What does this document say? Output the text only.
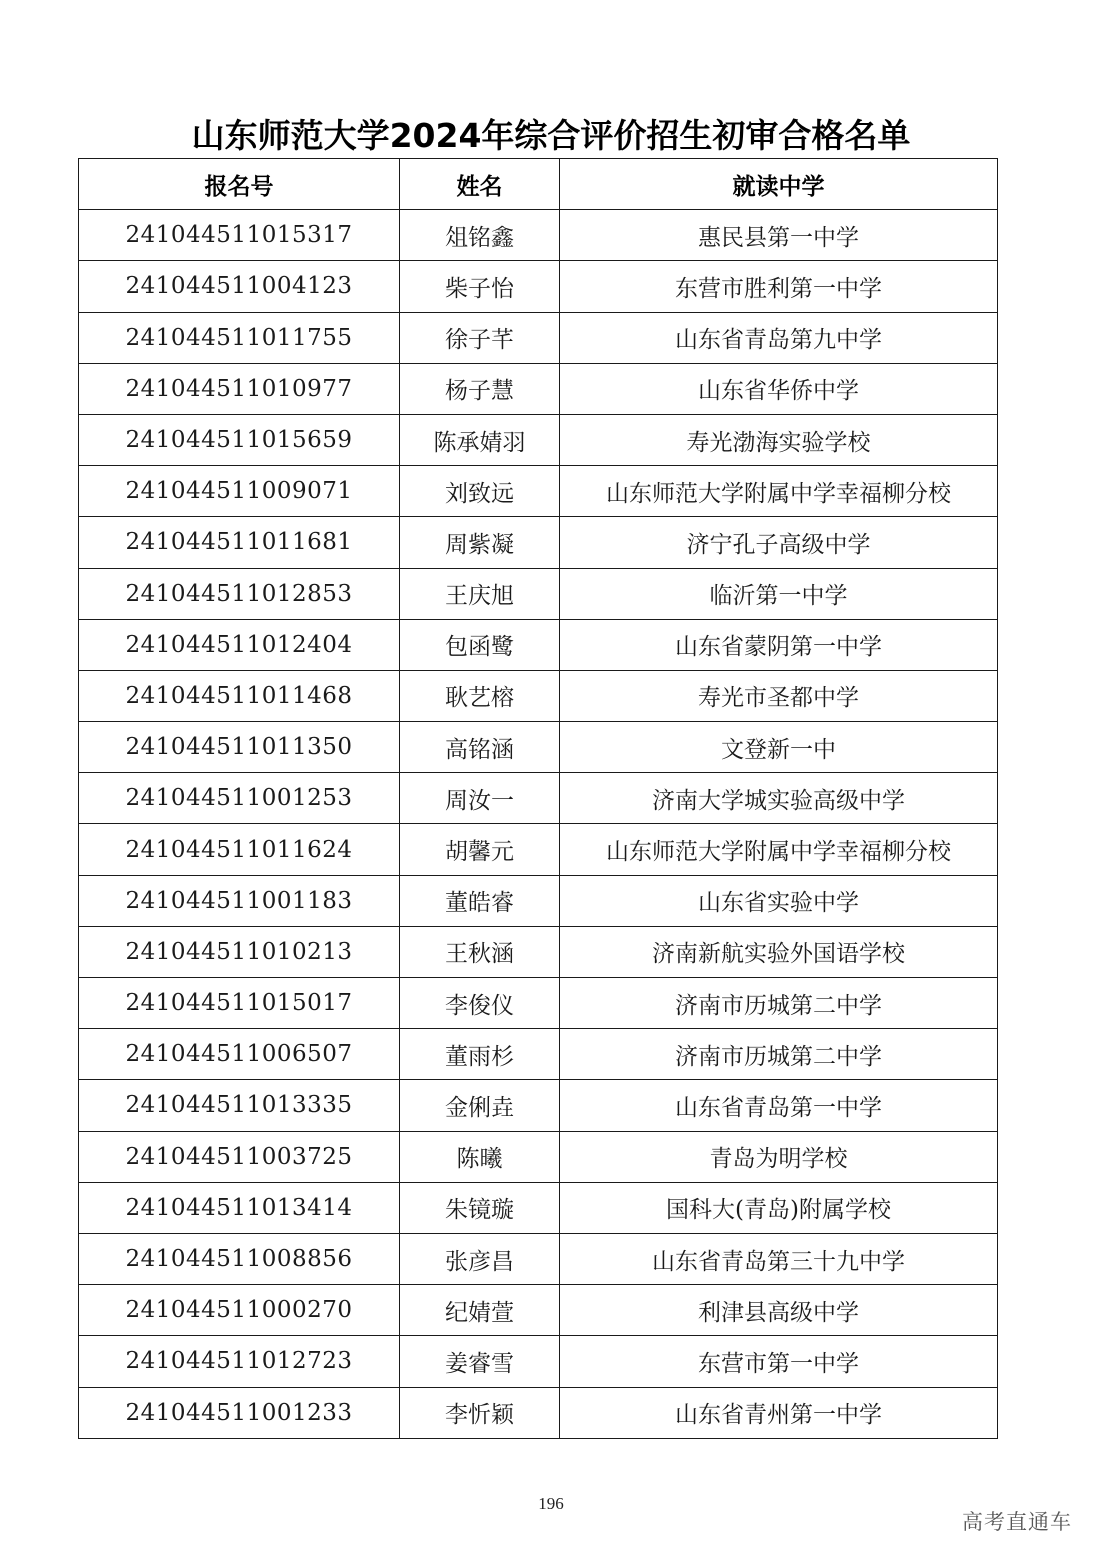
山东师范大学2024年综合评价招生初审合格名单
报名号	姓名	就读中学
241044511015317	俎铭鑫	惠民县第一中学
241044511004123	柴子怡	东营市胜利第一中学
241044511011755	徐子芊	山东省青岛第九中学
241044511010977	杨子慧	山东省华侨中学
241044511015659	陈承婧羽	寿光渤海实验学校
241044511009071	刘致远	山东师范大学附属中学幸福柳分校
241044511011681	周紫凝	济宁孔子高级中学
241044511012853	王庆旭	临沂第一中学
241044511012404	包函鹭	山东省蒙阴第一中学
241044511011468	耿艺榕	寿光市圣都中学
241044511011350	高铭涵	文登新一中
241044511001253	周汝一	济南大学城实验高级中学
241044511011624	胡馨元	山东师范大学附属中学幸福柳分校
241044511001183	董皓睿	山东省实验中学
241044511010213	王秋涵	济南新航实验外国语学校
241044511015017	李俊仪	济南市历城第二中学
241044511006507	董雨杉	济南市历城第二中学
241044511013335	金俐垚	山东省青岛第一中学
241044511003725	陈曦	青岛为明学校
241044511013414	朱镜璇	国科大(青岛)附属学校
241044511008856	张彦昌	山东省青岛第三十九中学
241044511000270	纪婧萱	利津县高级中学
241044511012723	姜睿雪	东营市第一中学
241044511001233	李忻颖	山东省青州第一中学
196
高考直通车
